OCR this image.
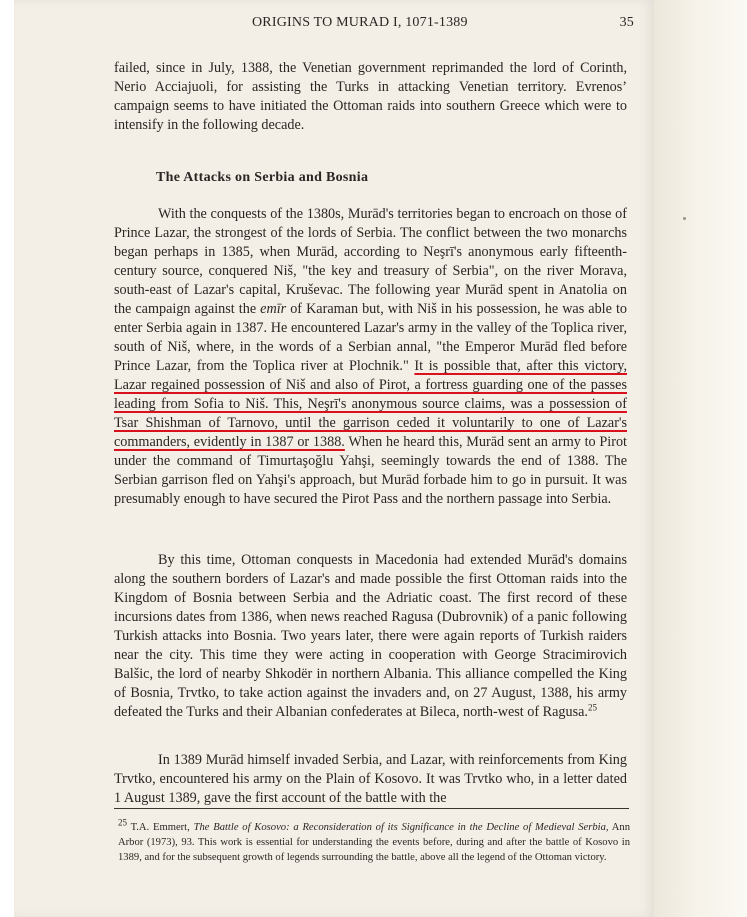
ORIGINS TO MURAD I, 1071-1389	35
failed, since in July, 1388, the Venetian government reprimanded the lord of Corinth, Nerio Acciajuoli, for assisting the Turks in attacking Venetian territory. Evrenos’ campaign seems to have initiated the Ottoman raids into southern Greece which were to intensify in the following decade.
The Attacks on Serbia and Bosnia
With the conquests of the 1380s, Murād's territories began to encroach on those of Prince Lazar, the strongest of the lords of Serbia. The conflict between the two monarchs began perhaps in 1385, when Murād, according to Neşrī's anonymous early fifteenth-century source, conquered Niš, "the key and treasury of Serbia", on the river Morava, south-east of Lazar's capital, Kruševac. The following year Murād spent in Anatolia on the campaign against the emīr of Karaman but, with Niš in his possession, he was able to enter Serbia again in 1387. He encountered Lazar's army in the valley of the Toplica river, south of Niš, where, in the words of a Serbian annal, "the Emperor Murād fled before Prince Lazar, from the Toplica river at Plochnik." It is possible that, after this victory, Lazar regained possession of Niš and also of Pirot, a fortress guarding one of the passes leading from Sofia to Niš. This, Neşrī's anonymous source claims, was a possession of Tsar Shishman of Tarnovo, until the garrison ceded it voluntarily to one of Lazar's commanders, evidently in 1387 or 1388. When he heard this, Murād sent an army to Pirot under the command of Timurtaşoğlu Yahşi, seemingly towards the end of 1388. The Serbian garrison fled on Yahşi's approach, but Murād forbade him to go in pursuit. It was presumably enough to have secured the Pirot Pass and the northern passage into Serbia.
By this time, Ottoman conquests in Macedonia had extended Murād's domains along the southern borders of Lazar's and made possible the first Ottoman raids into the Kingdom of Bosnia between Serbia and the Adriatic coast. The first record of these incursions dates from 1386, when news reached Ragusa (Dubrovnik) of a panic following Turkish attacks into Bosnia. Two years later, there were again reports of Turkish raiders near the city. This time they were acting in cooperation with George Stracimirovich Balšic, the lord of nearby Shkodër in northern Albania. This alliance compelled the King of Bosnia, Trvtko, to take action against the invaders and, on 27 August, 1388, his army defeated the Turks and their Albanian confederates at Bileca, north-west of Ragusa.$^{25}$
In 1389 Murād himself invaded Serbia, and Lazar, with reinforcements from King Trvtko, encountered his army on the Plain of Kosovo. It was Trvtko who, in a letter dated 1 August 1389, gave the first account of the battle with the
$^{25}$ T.A. Emmert, The Battle of Kosovo: a Reconsideration of its Significance in the Decline of Medieval Serbia, Ann Arbor (1973), 93. This work is essential for understanding the events before, during and after the battle of Kosovo in 1389, and for the subsequent growth of legends surrounding the battle, above all the legend of the Ottoman victory.
